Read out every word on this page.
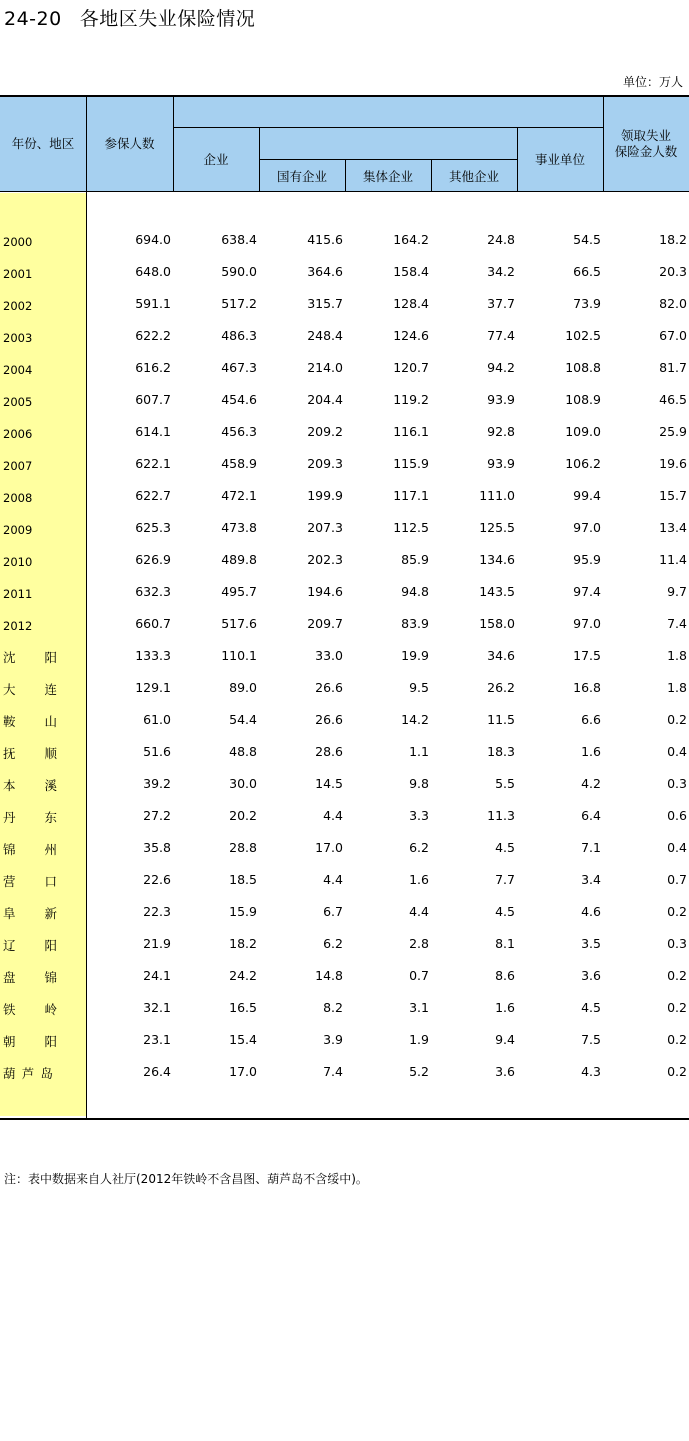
24-20 各地区失业保险情况
单位：万人
年份、地区	参保人数
企业
国有企业	集体企业	其他企业
事业单位
领取失业
保险金人数
2000	694.0	638.4	415.6	164.2	24.8	54.5	18.2
2001	648.0	590.0	364.6	158.4	34.2	66.5	20.3
2002	591.1	517.2	315.7	128.4	37.7	73.9	82.0
2003	622.2	486.3	248.4	124.6	77.4	102.5	67.0
2004	616.2	467.3	214.0	120.7	94.2	108.8	81.7
2005	607.7	454.6	204.4	119.2	93.9	108.9	46.5
2006	614.1	456.3	209.2	116.1	92.8	109.0	25.9
2007	622.1	458.9	209.3	115.9	93.9	106.2	19.6
2008	622.7	472.1	199.9	117.1	111.0	99.4	15.7
2009	625.3	473.8	207.3	112.5	125.5	97.0	13.4
2010	626.9	489.8	202.3	85.9	134.6	95.9	11.4
2011	632.3	495.7	194.6	94.8	143.5	97.4	9.7
2012	660.7	517.6	209.7	83.9	158.0	97.0	7.4
沈 阳	133.3	110.1	33.0	19.9	34.6	17.5	1.8
大 连	129.1	89.0	26.6	9.5	26.2	16.8	1.8
鞍 山	61.0	54.4	26.6	14.2	11.5	6.6	0.2
抚 顺	51.6	48.8	28.6	1.1	18.3	1.6	0.4
本 溪	39.2	30.0	14.5	9.8	5.5	4.2	0.3
丹 东	27.2	20.2	4.4	3.3	11.3	6.4	0.6
锦 州	35.8	28.8	17.0	6.2	4.5	7.1	0.4
营 口	22.6	18.5	4.4	1.6	7.7	3.4	0.7
阜 新	22.3	15.9	6.7	4.4	4.5	4.6	0.2
辽 阳	21.9	18.2	6.2	2.8	8.1	3.5	0.3
盘 锦	24.1	24.2	14.8	0.7	8.6	3.6	0.2
铁 岭	32.1	16.5	8.2	3.1	1.6	4.5	0.2
朝 阳	23.1	15.4	3.9	1.9	9.4	7.5	0.2
葫 芦 岛	26.4	17.0	7.4	5.2	3.6	4.3	0.2
注：表中数据来自人社厅(2012年铁岭不含昌图、葫芦岛不含绥中)。
